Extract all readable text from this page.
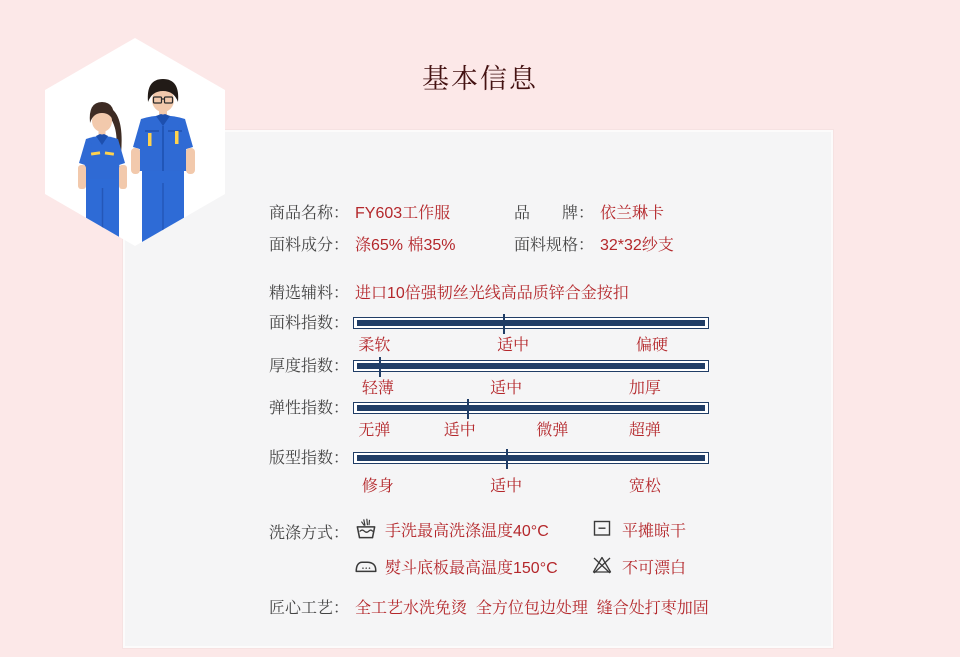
基本信息
商品名称： FY603工作服	品　　牌： 依兰琳卡
面料成分： 涤65% 棉35%	面料规格： 32*32纱支
精选辅料： 进口10倍强韧丝光线高品质锌合金按扣
面料指数：
柔软	适中	偏硬
厚度指数：
轻薄	适中	加厚
弹性指数：
无弹	适中	微弹	超弹
版型指数：
修身	适中	宽松
洗涤方式： 手洗最高洗涤温度40°C	平摊晾干
熨斗底板最高温度150°C	不可漂白
匠心工艺： 全工艺水洗免烫  全方位包边处理  缝合处打枣加固
